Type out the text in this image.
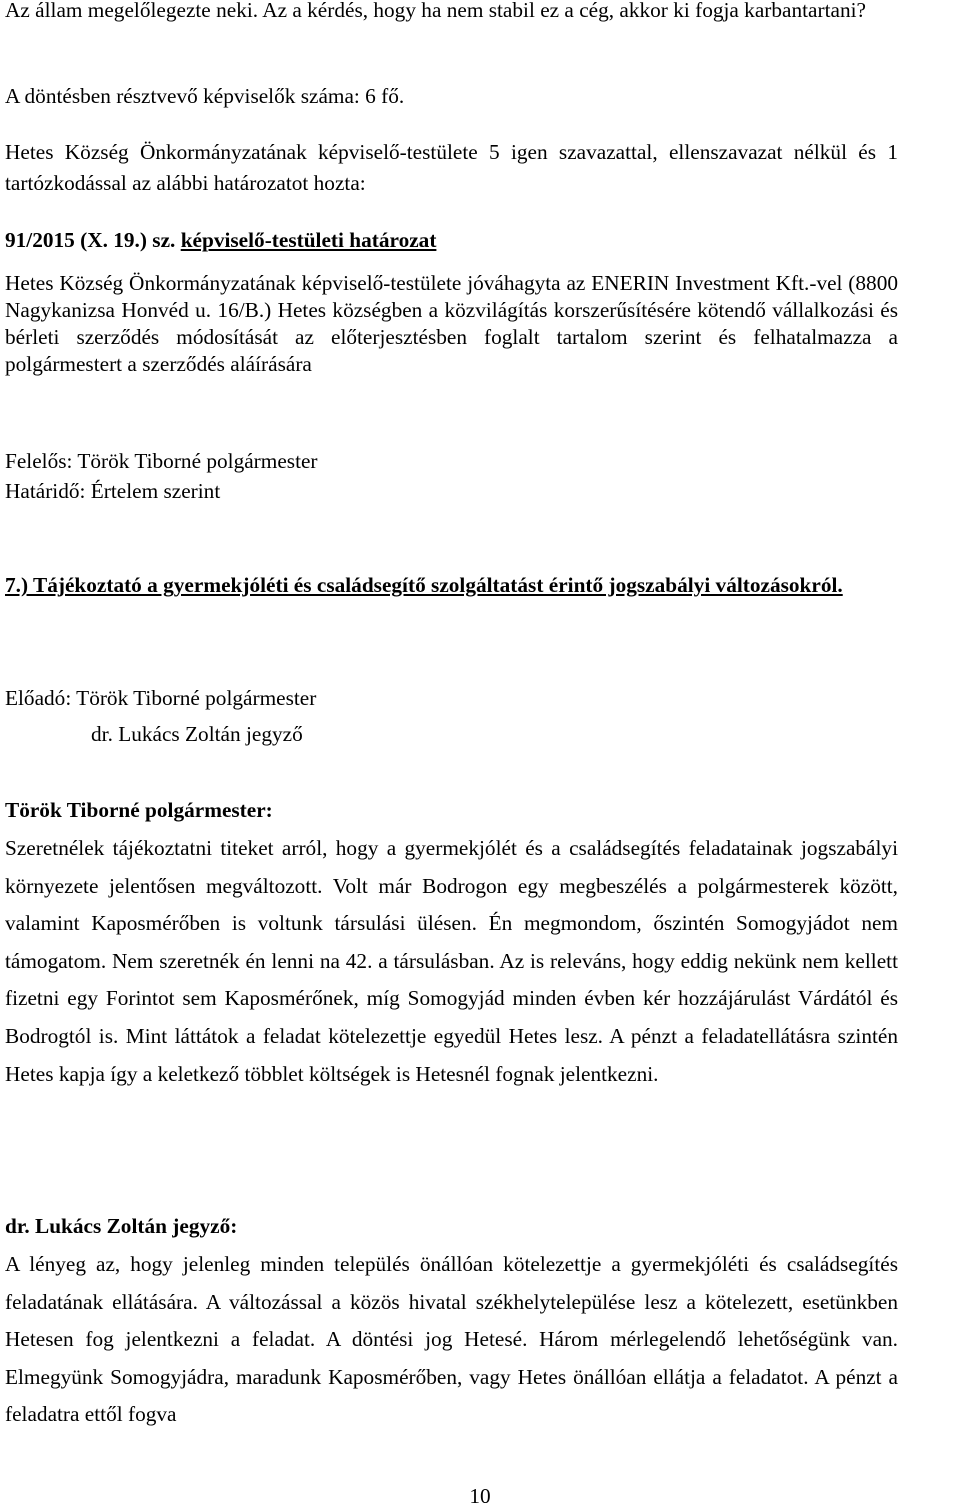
Az állam megelőlegezte neki. Az a kérdés, hogy ha nem stabil ez a cég, akkor ki fogja karbantartani?

A döntésben résztvevő képviselők száma: 6 fő.

Hetes Község Önkormányzatának képviselő-testülete 5 igen szavazattal, ellenszavazat nélkül és 1 tartózkodással az alábbi határozatot hozta:

91/2015 (X. 19.) sz. képviselő-testületi határozat

Hetes Község Önkormányzatának képviselő-testülete jóváhagyta az ENERIN Investment Kft.-vel (8800 Nagykanizsa Honvéd u. 16/B.) Hetes községben a közvilágítás korszerűsítésére kötendő vállalkozási és bérleti szerződés módosítását az előterjesztésben foglalt tartalom szerint és felhatalmazza a polgármestert a szerződés aláírására

Felelős: Török Tiborné polgármester

Határidő: Értelem szerint

7.) Tájékoztató a gyermekjóléti és családsegítő szolgáltatást érintő jogszabályi változásokról.

Előadó: Török Tiborné polgármester

dr. Lukács Zoltán jegyző

Török Tiborné polgármester:

Szeretnélek tájékoztatni titeket arról, hogy a gyermekjólét és a családsegítés feladatainak jogszabályi környezete jelentősen megváltozott. Volt már Bodrogon egy megbeszélés a polgármesterek között, valamint Kaposmérőben is voltunk társulási ülésen. Én megmondom, őszintén Somogyjádot nem támogatom. Nem szeretnék én lenni na 42. a társulásban. Az is releváns, hogy eddig nekünk nem kellett fizetni egy Forintot sem Kaposmérőnek, míg Somogyjád minden évben kér hozzájárulást Várdától és Bodrogtól is. Mint láttátok a feladat kötelezettje egyedül Hetes lesz. A pénzt a feladatellátásra szintén Hetes kapja így a keletkező többlet költségek is Hetesnél fognak jelentkezni.

dr. Lukács Zoltán jegyző:

A lényeg az, hogy jelenleg minden település önállóan kötelezettje a gyermekjóléti és családsegítés feladatának ellátására. A változással a közös hivatal székhelytelepülése lesz a kötelezett, esetünkben Hetesen fog jelentkezni a feladat. A döntési jog Hetesé. Három mérlegelendő lehetőségünk van. Elmegyünk Somogyjádra, maradunk Kaposmérőben, vagy Hetes önállóan ellátja a feladatot. A pénzt a feladatra ettől fogva

10
